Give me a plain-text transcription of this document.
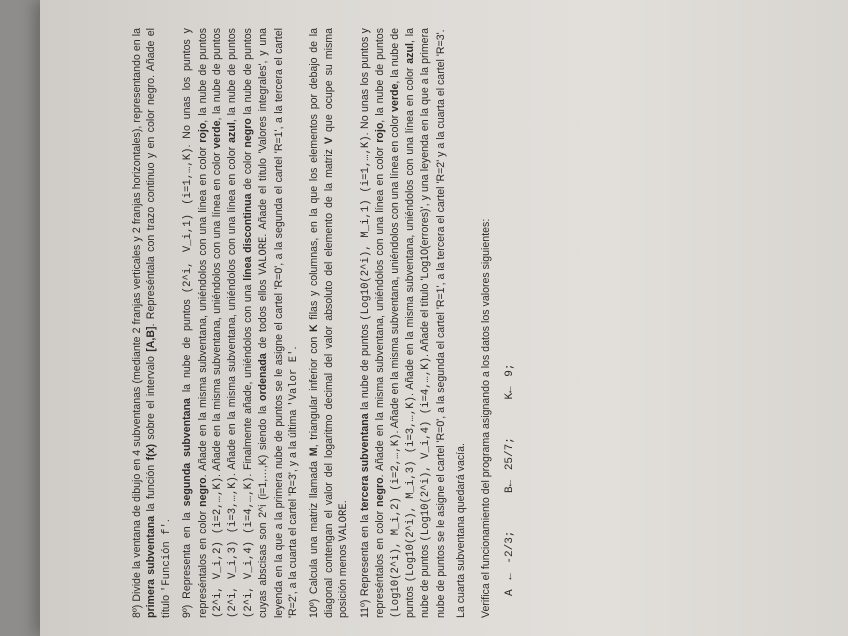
8º) Divide la ventana de dibujo en 4 subventanas (mediante 2 franjas verticales y 2 franjas horizontales), representando en la primera subventana la función f(x) sobre el intervalo [A,B]. Represéntala con trazo continuo y en color negro. Añade el título 'Función f'.

9º) Representa en la segunda subventana la nube de puntos (2^i, V_i,1) (i=1,…,K). No unas los puntos y represéntalos en color negro. Añade en la misma subventana, uniéndolos con una línea en color rojo, la nube de puntos (2^i, V_i,2) (i=2,…,K). Añade en la misma subventana, uniéndolos con una línea en color verde, la nube de puntos (2^i, V_i,3) (i=3,…,K). Añade en la misma subventana, uniéndolos con una línea en color azul, la nube de puntos (2^i, V_i,4) (i=4,…,K). Finalmente añade, uniéndolos con una línea discontinua de color negro la nube de puntos cuyas abscisas son 2^i (i=1,…,K) siendo la ordenada de todos ellos VALORE. Añade el título 'Valores integrales', y una leyenda en la que a la primera nube de puntos se le asigne el cartel 'R=0', a la segunda el cartel 'R=1', a la tercera el cartel 'R=2', a la cuarta el cartel 'R=3', y a la última 'Valor E'.

10º) Calcula una matriz llamada M, triangular inferior con K filas y columnas, en la que los elementos por debajo de la diagonal contengan el valor del logaritmo decimal del valor absoluto del elemento de la matriz V que ocupe su misma posición menos VALORE.

11º) Representa en la tercera subventana la nube de puntos (Log10(2^i), M_i,1) (i=1,…,K). No unas los puntos y represéntalos en color negro. Añade en la misma subventana, uniéndolos con una línea en color rojo, la nube de puntos (Log10(2^i), M_i,2) (i=2,…,K). Añade en la misma subventana, uniéndolos con una línea en color verde, la nube de puntos (Log10(2^i), M_i,3) (i=3,…,K). Añade en la misma subventana, uniéndolos con una línea en color azul, la nube de puntos (Log10(2^i), V_i,4) (i=4,…,K). Añade el título 'Log10(errores)', y una leyenda en la que a la primera nube de puntos se le asigne el cartel 'R=0', a la segunda el cartel 'R=1', a la tercera el cartel 'R=2' y a la cuarta el cartel 'R=3'. La cuarta subventana quedará vacía. Verifica el funcionamiento del programa asignando a los datos los valores siguientes: A ← -2/3; B← 25/7; K← 9;
